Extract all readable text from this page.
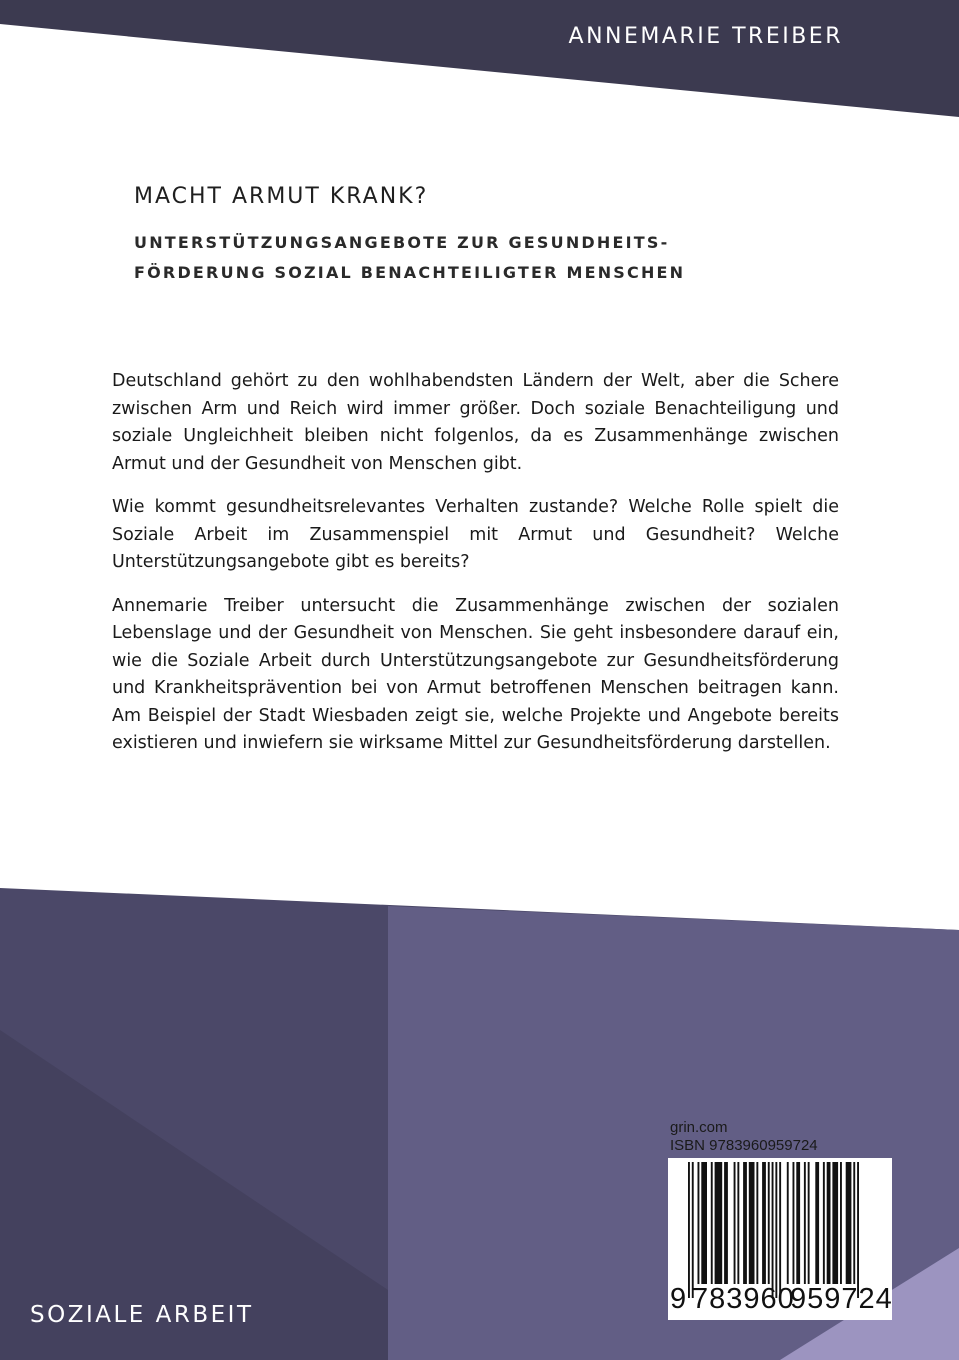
ANNEMARIE TREIBER
MACHT ARMUT KRANK?
UNTERSTÜTZUNGSANGEBOTE ZUR GESUNDHEITS-
FÖRDERUNG SOZIAL BENACHTEILIGTER MENSCHEN

Deutschland gehört zu den wohlhabendsten Ländern der Welt, aber die Schere zwischen Arm und Reich wird immer größer. Doch soziale Benachteiligung und soziale Ungleichheit bleiben nicht folgenlos, da es Zusammenhänge zwischen Armut und der Gesundheit von Menschen gibt.

Wie kommt gesundheitsrelevantes Verhalten zustande? Welche Rolle spielt die Soziale Arbeit im Zusammenspiel mit Armut und Gesundheit? Welche Unterstützungsangebote gibt es bereits?

Annemarie Treiber untersucht die Zusammenhänge zwischen der sozialen Lebenslage und der Gesundheit von Menschen. Sie geht insbesondere darauf ein, wie die Soziale Arbeit durch Unterstützungsangebote zur Gesundheitsförderung und Krankheitsprävention bei von Armut betroffenen Menschen beitragen kann. Am Beispiel der Stadt Wiesbaden zeigt sie, welche Projekte und Angebote bereits existieren und inwiefern sie wirksame Mittel zur Gesundheitsförderung darstellen.

grin.com
ISBN 9783960959724
9 783960
959724
SOZIALE ARBEIT
